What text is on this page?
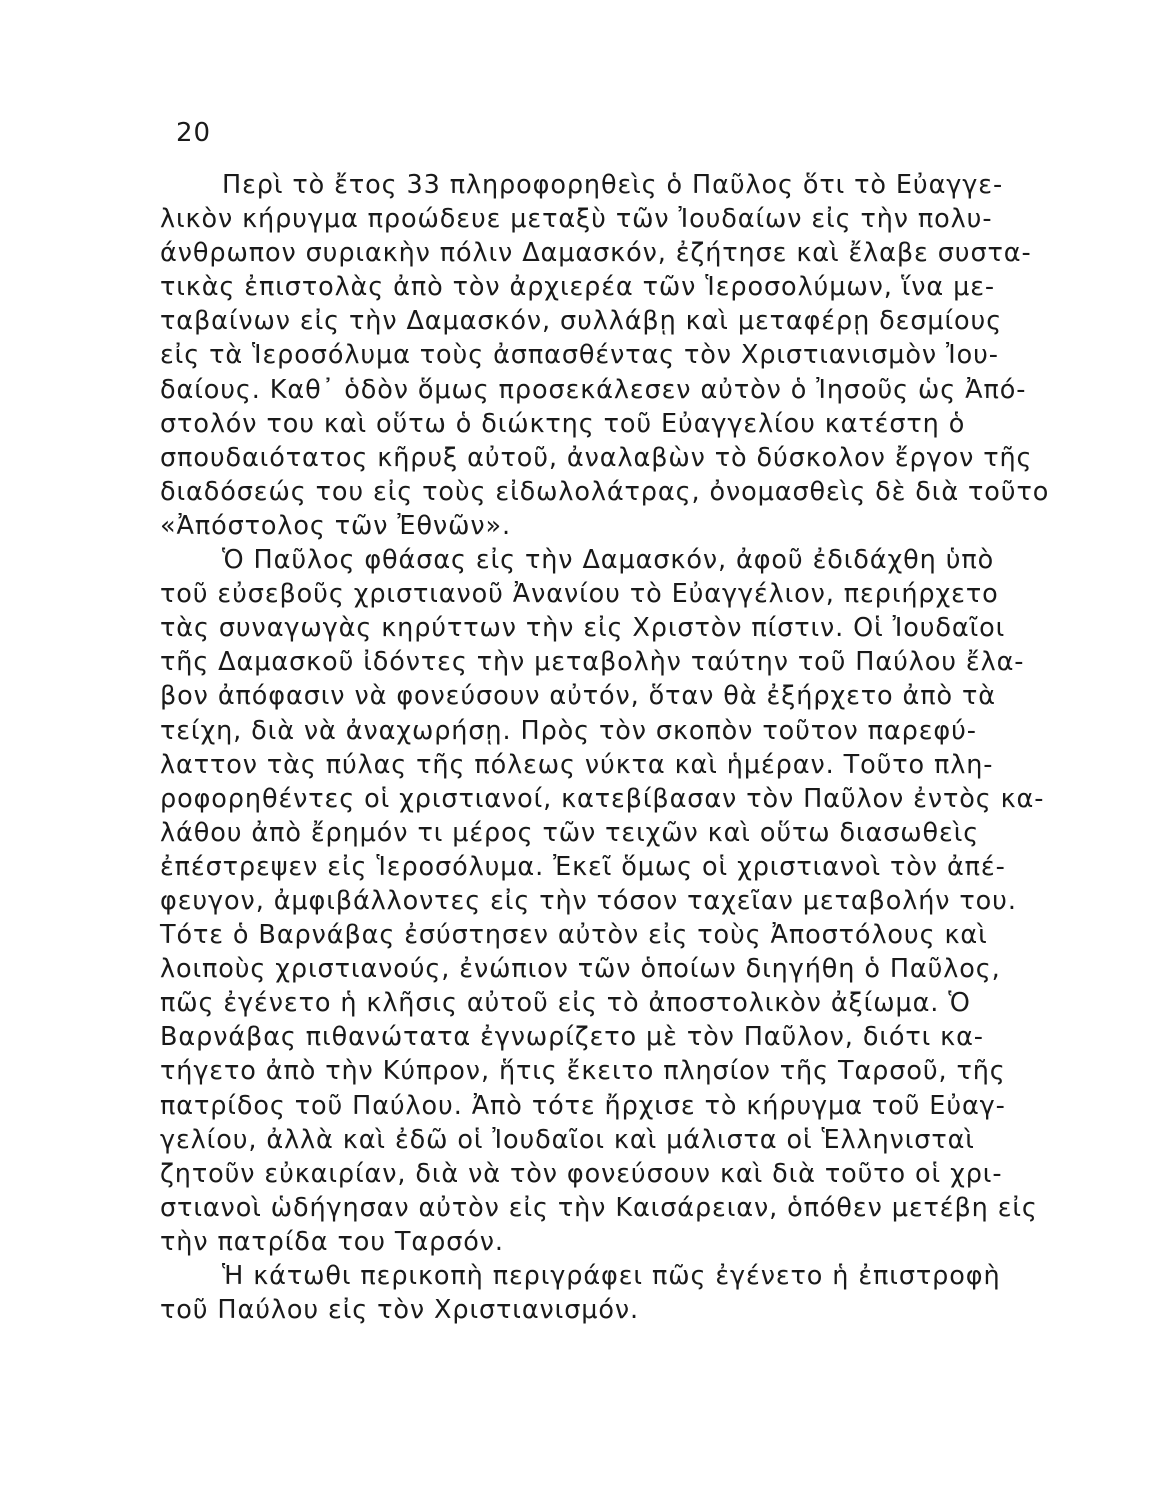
20
Περὶ τὸ ἔτος 33 πληροφορηθεὶς ὁ Παῦλος ὅτι τὸ Εὐαγγε-
λικὸν κήρυγμα προώδευε μεταξὺ τῶν Ἰουδαίων εἰς τὴν πολυ-
άνθρωπον συριακὴν πόλιν Δαμασκόν, ἐζήτησε καὶ ἔλαβε συστα-
τικὰς ἐπιστολὰς ἀπὸ τὸν ἀρχιερέα τῶν Ἱεροσολύμων, ἵνα με-
ταβαίνων εἰς τὴν Δαμασκόν, συλλάβῃ καὶ μεταφέρῃ δεσμίους
εἰς τὰ Ἱεροσόλυμα τοὺς ἀσπασθέντας τὸν Χριστιανισμὸν Ἰου-
δαίους. Καθ᾽ ὁδὸν ὅμως προσεκάλεσεν αὐτὸν ὁ Ἰησοῦς ὡς Ἀπό-
στολόν του καὶ οὕτω ὁ διώκτης τοῦ Εὐαγγελίου κατέστη ὁ
σπουδαιότατος κῆρυξ αὐτοῦ, ἀναλαβὼν τὸ δύσκολον ἔργον τῆς
διαδόσεώς του εἰς τοὺς εἰδωλολάτρας, ὀνομασθεὶς δὲ διὰ τοῦτο
«Ἀπόστολος τῶν Ἐθνῶν».
Ὁ Παῦλος φθάσας εἰς τὴν Δαμασκόν, ἀφοῦ ἐδιδάχθη ὑπὸ
τοῦ εὐσεβοῦς χριστιανοῦ Ἀνανίου τὸ Εὐαγγέλιον, περιήρχετο
τὰς συναγωγὰς κηρύττων τὴν εἰς Χριστὸν πίστιν. Οἱ Ἰουδαῖοι
τῆς Δαμασκοῦ ἰδόντες τὴν μεταβολὴν ταύτην τοῦ Παύλου ἔλα-
βον ἀπόφασιν νὰ φονεύσουν αὐτόν, ὅταν θὰ ἐξήρχετο ἀπὸ τὰ
τείχη, διὰ νὰ ἀναχωρήσῃ. Πρὸς τὸν σκοπὸν τοῦτον παρεφύ-
λαττον τὰς πύλας τῆς πόλεως νύκτα καὶ ἡμέραν. Τοῦτο πλη-
ροφορηθέντες οἱ χριστιανοί, κατεβίβασαν τὸν Παῦλον ἐντὸς κα-
λάθου ἀπὸ ἔρημόν τι μέρος τῶν τειχῶν καὶ οὕτω διασωθεὶς
ἐπέστρεψεν εἰς Ἱεροσόλυμα. Ἐκεῖ ὅμως οἱ χριστιανοὶ τὸν ἀπέ-
φευγον, ἀμφιβάλλοντες εἰς τὴν τόσον ταχεῖαν μεταβολήν του.
Τότε ὁ Βαρνάβας ἐσύστησεν αὐτὸν εἰς τοὺς Ἀποστόλους καὶ
λοιποὺς χριστιανούς, ἐνώπιον τῶν ὁποίων διηγήθη ὁ Παῦλος,
πῶς ἐγένετο ἡ κλῆσις αὐτοῦ εἰς τὸ ἀποστολικὸν ἀξίωμα. Ὁ
Βαρνάβας πιθανώτατα ἐγνωρίζετο μὲ τὸν Παῦλον, διότι κα-
τήγετο ἀπὸ τὴν Κύπρον, ἥτις ἔκειτο πλησίον τῆς Ταρσοῦ, τῆς
πατρίδος τοῦ Παύλου. Ἀπὸ τότε ἤρχισε τὸ κήρυγμα τοῦ Εὐαγ-
γελίου, ἀλλὰ καὶ ἐδῶ οἱ Ἰουδαῖοι καὶ μάλιστα οἱ Ἑλληνισταὶ
ζητοῦν εὐκαιρίαν, διὰ νὰ τὸν φονεύσουν καὶ διὰ τοῦτο οἱ χρι-
στιανοὶ ὡδήγησαν αὐτὸν εἰς τὴν Καισάρειαν, ὁπόθεν μετέβη εἰς
τὴν πατρίδα του Ταρσόν.
Ἡ κάτωθι περικοπὴ περιγράφει πῶς ἐγένετο ἡ ἐπιστροφὴ
τοῦ Παύλου εἰς τὸν Χριστιανισμόν.
